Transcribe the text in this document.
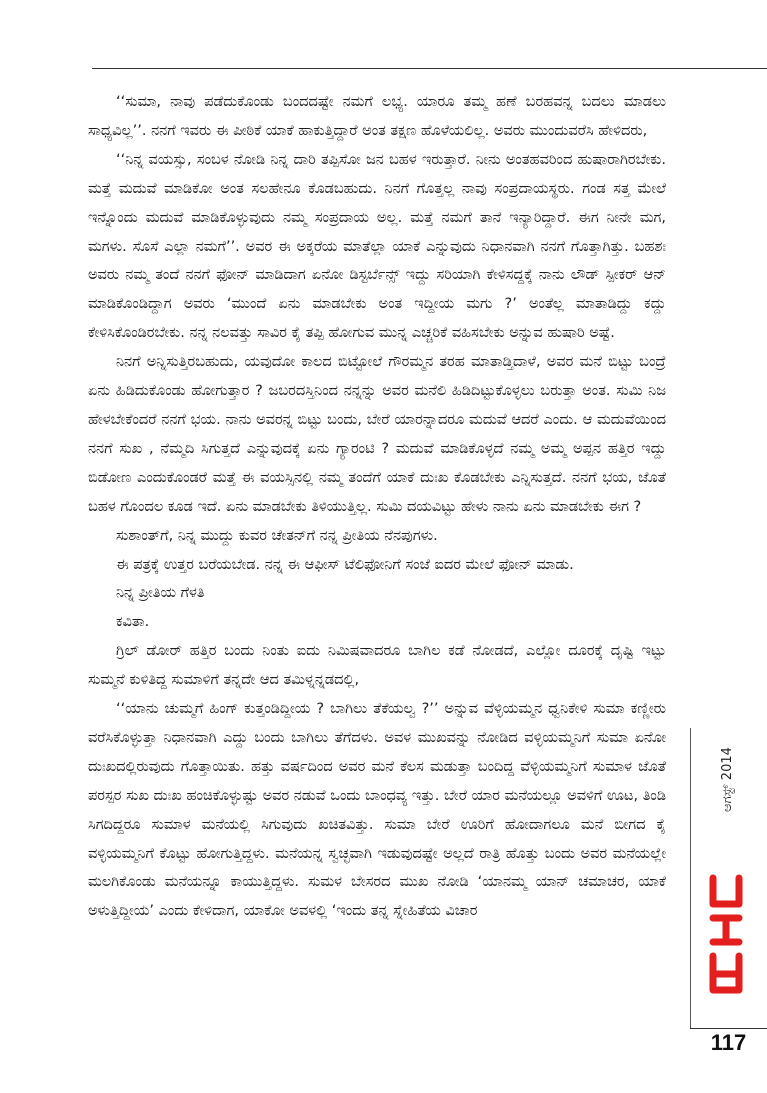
‘‘ಸುಮಾ, ನಾವು ಪಡೆದುಕೊಂಡು ಬಂದದಷ್ಟೇ ನಮಗೆ ಲಭ್ಯ. ಯಾರೂ ತಮ್ಮ ಹಣೆ ಬರಹವನ್ನ ಬದಲು ಮಾಡಲು ಸಾಧ್ಯವಿಲ್ಲ’’. ನನಗೆ ಇವರು ಈ ಪೀಠಿಕೆ ಯಾಕೆ ಹಾಕುತ್ತಿದ್ದಾರೆ ಅಂತ ತಕ್ಷಣ ಹೊಳೆಯಲಿಲ್ಲ. ಅವರು ಮುಂದುವರೆಸಿ ಹೇಳಿದರು,

‘‘ನಿನ್ನ ವಯಸ್ಸು, ಸಂಬಳ ನೋಡಿ ನಿನ್ನ ದಾರಿ ತಪ್ಪಿಸೋ ಜನ ಬಹಳ ಇರುತ್ತಾರೆ. ನೀನು ಅಂತಹವರಿಂದ ಹುಷಾರಾಗಿರಬೇಕು. ಮತ್ತೆ ಮದುವೆ ಮಾಡಿಕೋ ಅಂತ ಸಲಹೇನೂ ಕೊಡಬಹುದು. ನಿನಗೆ ಗೊತ್ತಲ್ಲ ನಾವು ಸಂಪ್ರದಾಯಸ್ಥರು. ಗಂಡ ಸತ್ತ ಮೇಲೆ ಇನ್ನೊಂದು ಮದುವೆ ಮಾಡಿಕೊಳ್ಳುವುದು ನಮ್ಮ ಸಂಪ್ರದಾಯ ಅಲ್ಲ. ಮತ್ತೆ ನಮಗೆ ತಾನೆ ಇನ್ಯಾರಿದ್ದಾರೆ. ಈಗ ನೀನೇ ಮಗ, ಮಗಳು. ಸೊಸೆ ಎಲ್ಲಾ ನಮಗೆ’’. ಅವರ ಈ ಅಕ್ಕರೆಯ ಮಾತೆಲ್ಲಾ ಯಾಕೆ ಎನ್ನುವುದು ನಿಧಾನವಾಗಿ ನನಗೆ ಗೊತ್ತಾಗಿತ್ತು. ಬಹಶಃ ಅವರು ನಮ್ಮ ತಂದೆ ನನಗೆ ಫೋನ್ ಮಾಡಿದಾಗ ಏನೋ ಡಿಸ್ಟರ್ಬೆನ್ಸ್ ಇದ್ದು ಸರಿಯಾಗಿ ಕೇಳಿಸದ್ದಕ್ಕೆ ನಾನು ಲೌಡ್ ಸ್ಪೀಕರ್ ಆನ್ ಮಾಡಿಕೊಂಡಿದ್ದಾಗ ಅವರು ‘ಮುಂದೆ ಏನು ಮಾಡಬೇಕು ಅಂತ ಇದ್ದೀಯ ಮಗು ?’ ಅಂತೆಲ್ಲ ಮಾತಾಡಿದ್ದು ಕದ್ದು ಕೇಳಿಸಿಕೊಂಡಿರಬೇಕು. ನನ್ನ ನಲವತ್ತು ಸಾವಿರ ಕೈ ತಪ್ಪಿ ಹೋಗುವ ಮುನ್ನ ಎಚ್ಚರಿಕೆ ವಹಿಸಬೇಕು ಅನ್ನುವ ಹುಷಾರಿ ಅಷ್ಟೆ.

ನಿನಗೆ ಅನ್ನಿಸುತ್ತಿರಬಹುದು, ಯವುದೋ ಕಾಲದ ಬಿಟ್ಟೋಲೆ ಗೌರಮ್ಮನ ತರಹ ಮಾತಾಡ್ತಿದಾಳೆ, ಅವರ ಮನೆ ಬಿಟ್ಟು ಬಂದ್ರೆ ಏನು ಹಿಡಿದುಕೊಂಡು ಹೋಗುತ್ತಾರ ? ಜಬರದಸ್ತಿನಿಂದ ನನ್ನನ್ನು ಅವರ ಮನೆಲಿ ಹಿಡಿದಿಟ್ಟುಕೊಳ್ಳಲು ಬರುತ್ತಾ ಅಂತ. ಸುಮಿ ನಿಜ ಹೇಳಬೇಕೆಂದರೆ ನನಗೆ ಭಯ. ನಾನು ಅವರನ್ನ ಬಿಟ್ಟು ಬಂದು, ಬೇರೆ ಯಾರನ್ನಾದರೂ ಮದುವೆ ಆದರೆ ಎಂದು. ಆ ಮದುವೆಯಿಂದ ನನಗೆ ಸುಖ , ನೆಮ್ಮದಿ ಸಿಗುತ್ತದೆ ಎನ್ನುವುದಕ್ಕೆ ಏನು ಗ್ಯಾರಂಟಿ ? ಮದುವೆ ಮಾಡಿಕೊಳ್ಳದೆ ನಮ್ಮ ಅಮ್ಮ ಅಪ್ಪನ ಹತ್ತಿರ ಇದ್ದು ಬಿಡೋಣ ಎಂದುಕೊಂಡರೆ ಮತ್ತೆ ಈ ವಯಸ್ಸಿನಲ್ಲಿ ನಮ್ಮ ತಂದೆಗೆ ಯಾಕೆ ದುಃಖ ಕೊಡಬೇಕು ಎನ್ನಿಸುತ್ತದೆ. ನನಗೆ ಭಯ, ಜೊತೆ ಬಹಳ ಗೊಂದಲ ಕೂಡ ಇದೆ. ಏನು ಮಾಡಬೇಕು ತಿಳಿಯುತ್ತಿಲ್ಲ. ಸುಮಿ ದಯವಿಟ್ಟು ಹೇಳು ನಾನು ಏನು ಮಾಡಬೇಕು ಈಗ ?

ಸುಶಾಂತ್‌ಗೆ, ನಿನ್ನ ಮುದ್ದು ಕುವರ ಚೇತನ್‌ಗೆ ನನ್ನ ಪ್ರೀತಿಯ ನೆನಪುಗಳು.

ಈ ಪತ್ರಕ್ಕೆ ಉತ್ತರ ಬರೆಯಬೇಡ. ನನ್ನ ಈ ಆಫೀಸ್ ಟೆಲಿಫೋನಿಗೆ ಸಂಜೆ ಐದರ ಮೇಲೆ ಫೋನ್ ಮಾಡು.

ನಿನ್ನ ಪ್ರೀತಿಯ ಗೆಳತಿ

ಕವಿತಾ.

ಗ್ರಿಲ್ ಡೋರ್ ಹತ್ತಿರ ಬಂದು ನಿಂತು ಐದು ನಿಮಿಷವಾದರೂ ಬಾಗಿಲ ಕಡೆ ನೋಡದೆ, ಎಲ್ಲೋ ದೂರಕ್ಕೆ ದೃಷ್ಟಿ ಇಟ್ಟು ಸುಮ್ಮನೆ ಕುಳಿತಿದ್ದ ಸುಮಾಳಿಗೆ ತನ್ನದೇ ಆದ ತಮಿಳ್ನನ್ನಡದಲ್ಲಿ,

‘‘ಯಾನು ಚುಮ್ಮಗೆ ಹಿಂಗ್ ಕುತ್ತಂಡಿದ್ದೀಯ ? ಬಾಗಿಲು ತೆಕೆಯಲ್ವ ?’’ ಅನ್ನುವ ವೆಳ್ಳಿಯಮ್ಮನ ಧ್ವನಿಕೇಳಿ ಸುಮಾ ಕಣ್ಣೀರು ವರೆಸಿಕೊಳ್ಳುತ್ತಾ ನಿಧಾನವಾಗಿ ಎದ್ದು ಬಂದು ಬಾಗಿಲು ತೆಗೆದಳು. ಅವಳ ಮುಖವನ್ನು ನೋಡಿದ ವಳ್ಳಿಯಮ್ಮನಿಗೆ ಸುಮಾ ಏನೋ ದುಃಖದಲ್ಲಿರುವುದು ಗೊತ್ತಾಯಿತು. ಹತ್ತು ವರ್ಷದಿಂದ ಅವರ ಮನೆ ಕೆಲಸ ಮಡುತ್ತಾ ಬಂದಿದ್ದ ವೆಳ್ಳಿಯಮ್ಮನಿಗೆ ಸುಮಾಳ ಜೊತೆ ಪರಸ್ಪರ ಸುಖ ದುಃಖ ಹಂಚಿಕೊಳ್ಳುಷ್ಟು ಅವರ ನಡುವೆ ಒಂದು ಬಾಂಧವ್ಯ ಇತ್ತು. ಬೇರೆ ಯಾರ ಮನೆಯಲ್ಲೂ ಅವಳಿಗೆ ಊಟ, ತಿಂಡಿ ಸಿಗದಿದ್ದರೂ ಸುಮಾಳ ಮನೆಯಲ್ಲಿ ಸಿಗುವುದು ಖಚಿತವಿತ್ತು. ಸುಮಾ ಬೇರೆ ಊರಿಗೆ ಹೋದಾಗಲೂ ಮನೆ ಬೀಗದ ಕೈ ವಳ್ಳಿಯಮ್ಮನಿಗೆ ಕೊಟ್ಟು ಹೋಗುತ್ತಿದ್ದಳು. ಮನೆಯನ್ನ ಸ್ವಚ್ಛವಾಗಿ ಇಡುವುದಷ್ಟೇ ಅಲ್ಲದೆ ರಾತ್ರಿ ಹೊತ್ತು ಬಂದು ಅವರ ಮನೆಯಲ್ಲೇ ಮಲಗಿಕೊಂಡು ಮನೆಯನ್ನೂ ಕಾಯುತ್ತಿದ್ದಳು. ಸುಮಳ ಬೇಸರದ ಮುಖ ನೋಡಿ ‘ಯಾನಮ್ಮ ಯಾನ್ ಚಮಾಚರ, ಯಾಕೆ ಅಳುತ್ತಿದ್ದೀಯ’ ಎಂದು ಕೇಳಿದಾಗ, ಯಾಕೋ ಅವಳಲ್ಲಿ ‘ಇಂದು ತನ್ನ ಸ್ನೇಹಿತೆಯ ವಿಚಾರ

ಆಗಸ್ಟ್ 2014
117
